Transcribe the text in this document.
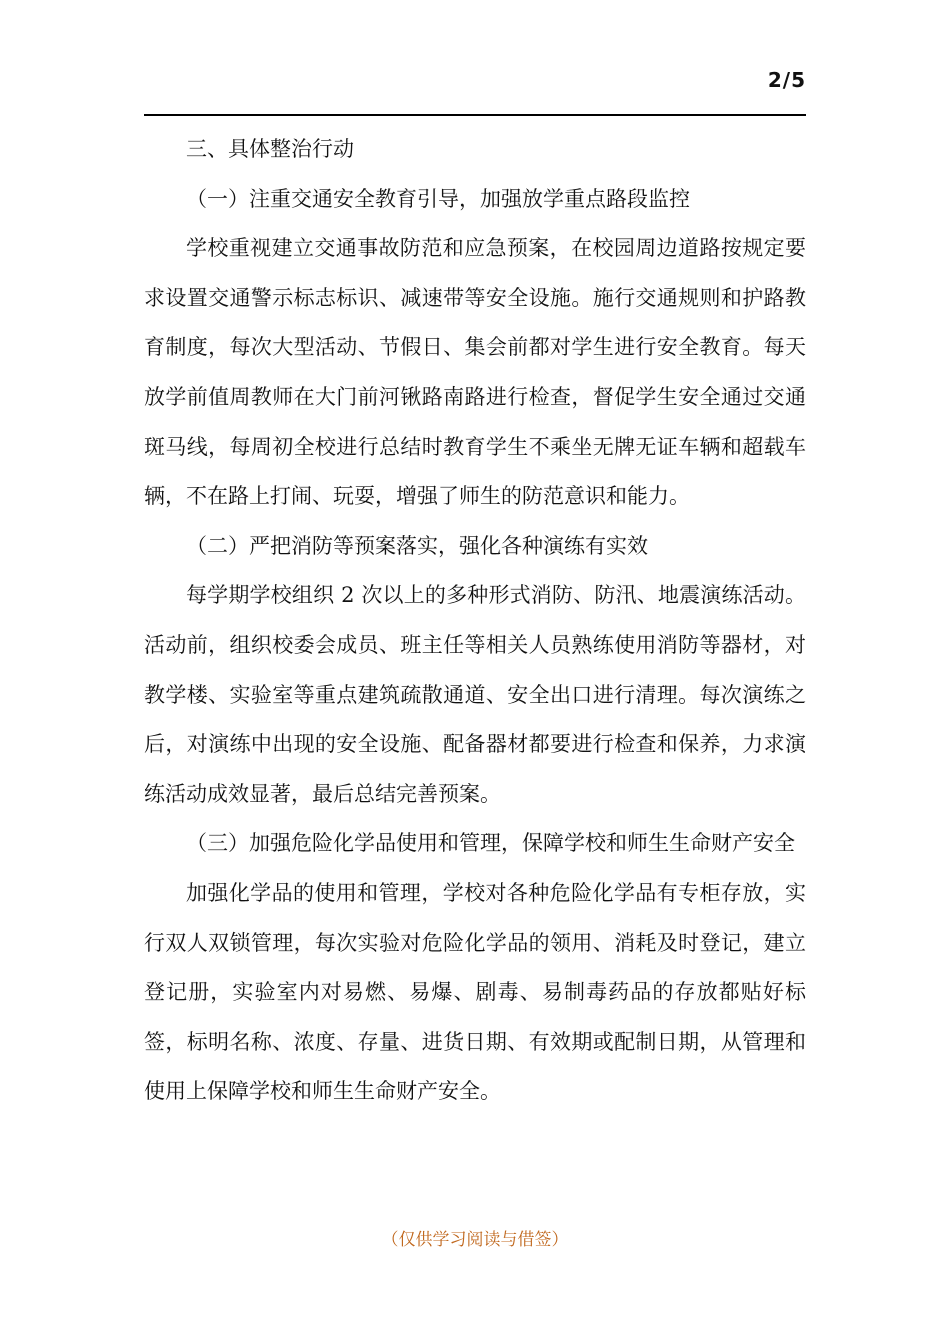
2/5

三、具体整治行动

（一）注重交通安全教育引导，加强放学重点路段监控

学校重视建立交通事故防范和应急预案，在校园周边道路按规定要求设置交通警示标志标识、减速带等安全设施。施行交通规则和护路教育制度，每次大型活动、节假日、集会前都对学生进行安全教育。每天放学前值周教师在大门前河锹路南路进行检查，督促学生安全通过交通斑马线，每周初全校进行总结时教育学生不乘坐无牌无证车辆和超载车辆，不在路上打闹、玩耍，增强了师生的防范意识和能力。

（二）严把消防等预案落实，强化各种演练有实效

每学期学校组织 2 次以上的多种形式消防、防汛、地震演练活动。活动前，组织校委会成员、班主任等相关人员熟练使用消防等器材，对教学楼、实验室等重点建筑疏散通道、安全出口进行清理。每次演练之后，对演练中出现的安全设施、配备器材都要进行检查和保养，力求演练活动成效显著，最后总结完善预案。

（三）加强危险化学品使用和管理，保障学校和师生生命财产安全

加强化学品的使用和管理，学校对各种危险化学品有专柜存放，实行双人双锁管理，每次实验对危险化学品的领用、消耗及时登记，建立登记册，实验室内对易燃、易爆、剧毒、易制毒药品的存放都贴好标签，标明名称、浓度、存量、进货日期、有效期或配制日期，从管理和使用上保障学校和师生生命财产安全。

（仅供学习阅读与借签）
